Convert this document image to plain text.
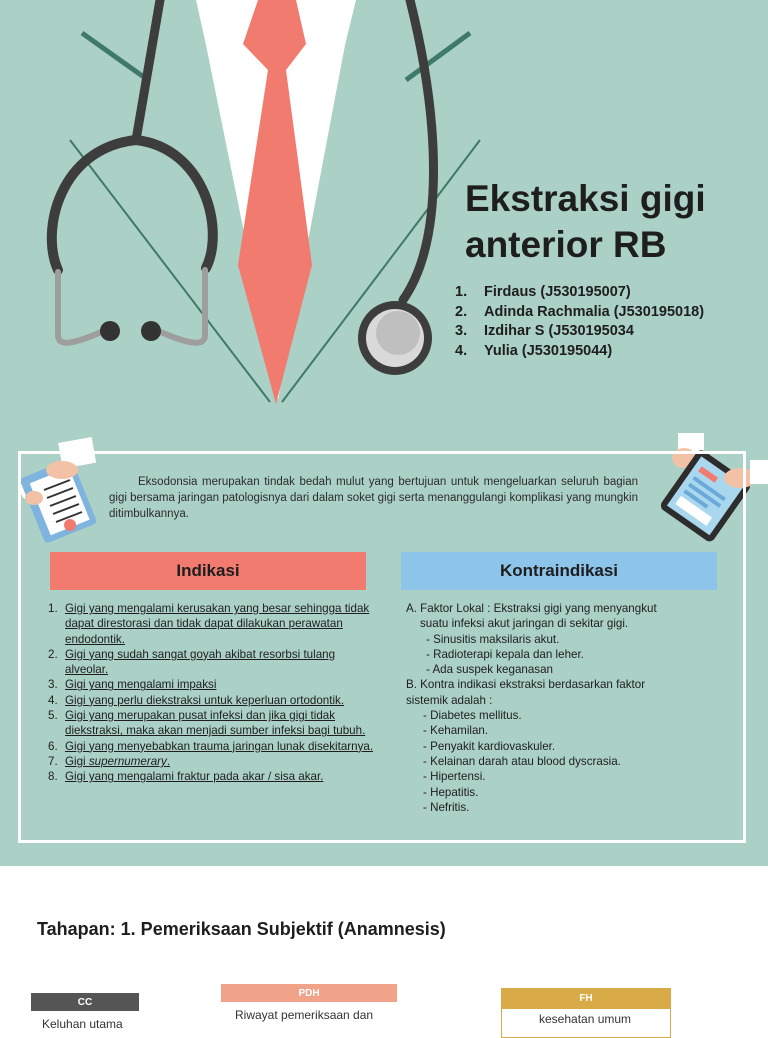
Ekstraksi gigi
anterior RB
1. Firdaus (J530195007)
2. Adinda Rachmalia (J530195018)
3. Izdihar S (J530195034
4. Yulia (J530195044)

Eksodonsia merupakan tindak bedah mulut yang bertujuan untuk mengeluarkan seluruh bagian gigi bersama jaringan patologisnya dari dalam soket gigi serta menanggulangi komplikasi yang mungkin ditimbulkannya.

Indikasi	Kontraindikasi
1. Gigi yang mengalami kerusakan yang besar sehingga tidak dapat direstorasi dan tidak dapat dilakukan perawatan endodontik.
2. Gigi yang sudah sangat goyah akibat resorbsi tulang alveolar.
3. Gigi yang mengalami impaksi
4. Gigi yang perlu diekstraksi untuk keperluan ortodontik.
5. Gigi yang merupakan pusat infeksi dan jika gigi tidak diekstraksi, maka akan menjadi sumber infeksi bagi tubuh.
6. Gigi yang menyebabkan trauma jaringan lunak disekitarnya.
7. Gigi supernumerary.
8. Gigi yang mengalami fraktur pada akar / sisa akar.
A. Faktor Lokal : Ekstraksi gigi yang menyangkut
suatu infeksi akut jaringan di sekitar gigi.
- Sinusitis maksilaris akut.
- Radioterapi kepala dan leher.
- Ada suspek keganasan
B. Kontra indikasi ekstraksi berdasarkan faktor
sistemik adalah :
- Diabetes mellitus.
- Kehamilan.
- Penyakit kardiovaskuler.
- Kelainan darah atau blood dyscrasia.
- Hipertensi.
- Hepatitis.
- Nefritis.
Tahapan: 1. Pemeriksaan Subjektif (Anamnesis)
CC
Keluhan utama
PDH
Riwayat pemeriksaan dan
FH
kesehatan umum
